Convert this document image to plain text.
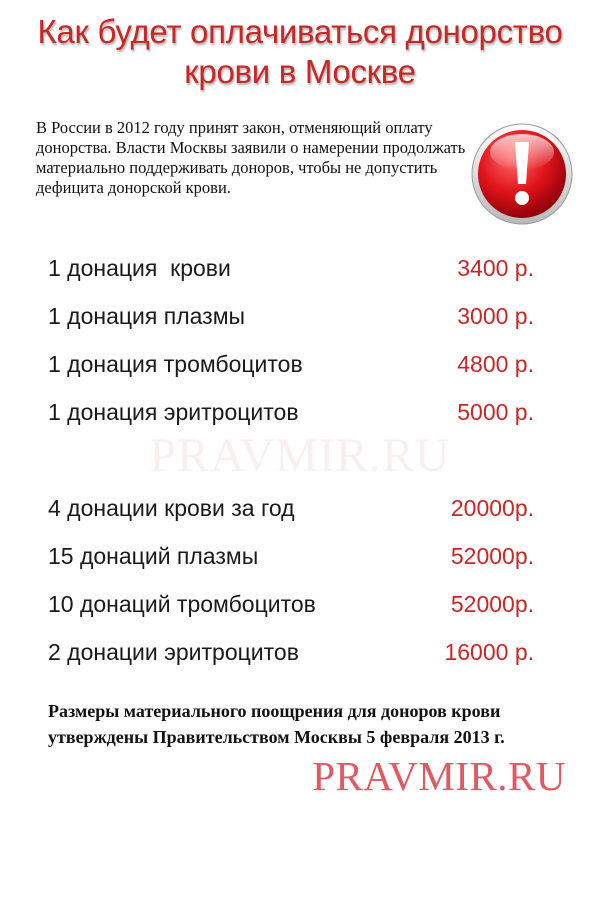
Как будет оплачиваться донорство крови в Москве
В России в 2012 году принят закон, отменяющий оплату донорства. Власти Москвы заявили о намерении продолжать материально поддерживать доноров, чтобы не допустить дефицита донорской крови.
PRAVMIR.RU
1 донация  крови	3400 р.
1 донация плазмы	3000 р.
1 донация тромбоцитов	4800 р.
1 донация эритроцитов	5000 р.
4 донации крови за год	20000р.
15 донаций плазмы	52000р.
10 донаций тромбоцитов	52000р.
2 донации эритроцитов	16000 р.
Размеры материального поощрения для доноров крови утверждены Правительством Москвы 5 февраля 2013 г.
PRAVMIR.RU
